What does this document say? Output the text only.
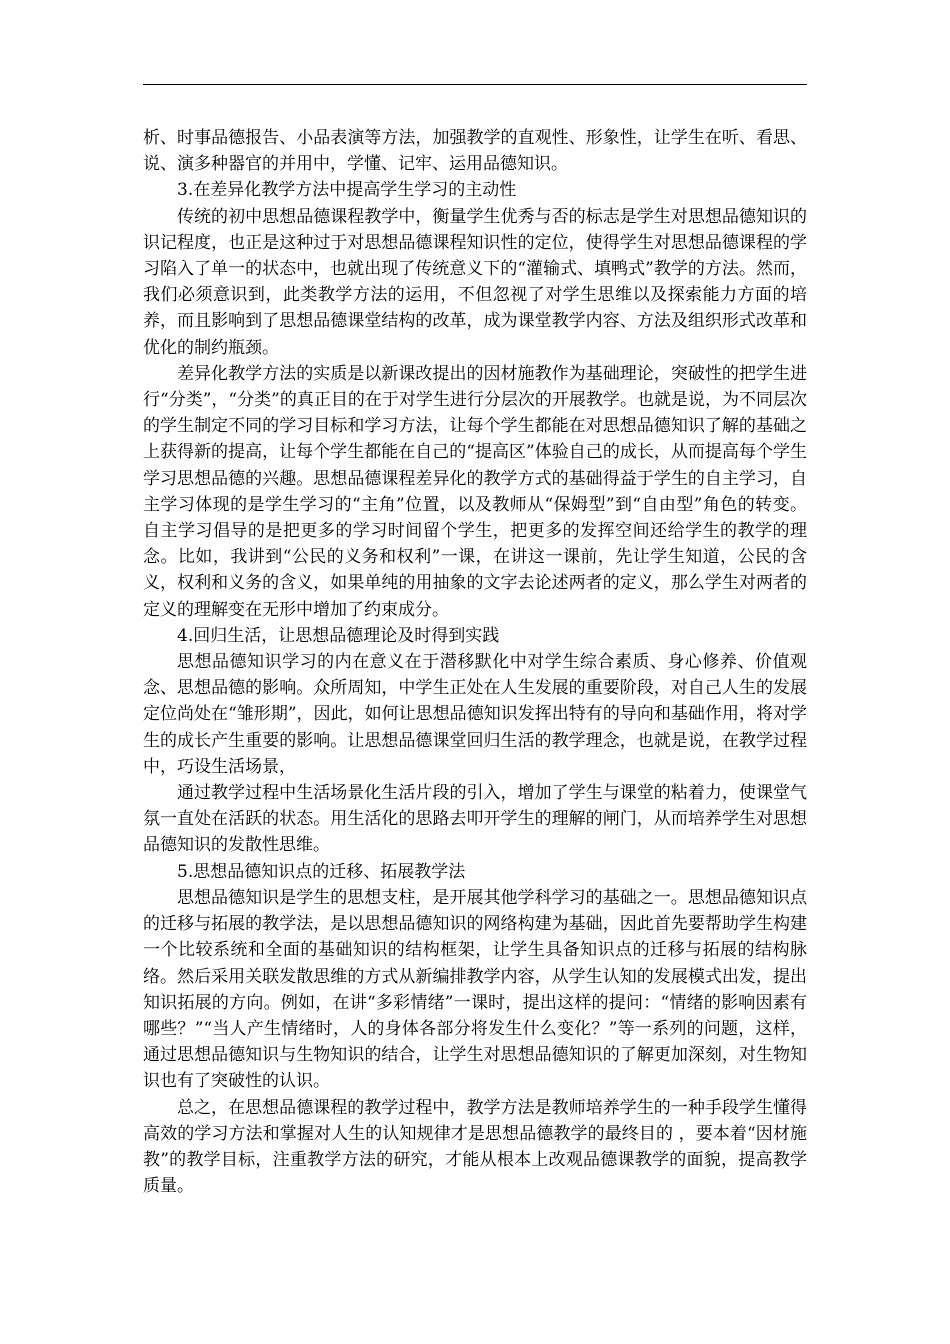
析、时事品德报告、小品表演等方法，加强教学的直观性、形象性，让学生在听、看思、说、演多种器官的并用中，学懂、记牢、运用品德知识。

3.在差异化教学方法中提高学生学习的主动性

传统的初中思想品德课程教学中，衡量学生优秀与否的标志是学生对思想品德知识的识记程度，也正是这种过于对思想品德课程知识性的定位，使得学生对思想品德课程的学习陷入了单一的状态中，也就出现了传统意义下的“灌输式、填鸭式”教学的方法。然而，我们必须意识到，此类教学方法的运用，不但忽视了对学生思维以及探索能力方面的培养，而且影响到了思想品德课堂结构的改革，成为课堂教学内容、方法及组织形式改革和优化的制约瓶颈。

差异化教学方法的实质是以新课改提出的因材施教作为基础理论，突破性的把学生进行“分类”，“分类”的真正目的在于对学生进行分层次的开展教学。也就是说，为不同层次的学生制定不同的学习目标和学习方法，让每个学生都能在对思想品德知识了解的基础之上获得新的提高，让每个学生都能在自己的“提高区”体验自己的成长，从而提高每个学生学习思想品德的兴趣。思想品德课程差异化的教学方式的基础得益于学生的自主学习，自主学习体现的是学生学习的“主角”位置，以及教师从“保姆型”到“自由型”角色的转变。自主学习倡导的是把更多的学习时间留个学生，把更多的发挥空间还给学生的教学的理念。比如，我讲到“公民的义务和权利”一课，在讲这一课前，先让学生知道，公民的含义，权利和义务的含义，如果单纯的用抽象的文字去论述两者的定义，那么学生对两者的定义的理解变在无形中增加了约束成分。

4.回归生活，让思想品德理论及时得到实践

思想品德知识学习的内在意义在于潜移默化中对学生综合素质、身心修养、价值观念、思想品德的影响。众所周知，中学生正处在人生发展的重要阶段，对自己人生的发展定位尚处在“雏形期”，因此，如何让思想品德知识发挥出特有的导向和基础作用，将对学生的成长产生重要的影响。让思想品德课堂回归生活的教学理念，也就是说，在教学过程中，巧设生活场景，

通过教学过程中生活场景化生活片段的引入，增加了学生与课堂的粘着力，使课堂气氛一直处在活跃的状态。用生活化的思路去叩开学生的理解的闸门，从而培养学生对思想品德知识的发散性思维。

5.思想品德知识点的迁移、拓展教学法

思想品德知识是学生的思想支柱，是开展其他学科学习的基础之一。思想品德知识点的迁移与拓展的教学法，是以思想品德知识的网络构建为基础，因此首先要帮助学生构建一个比较系统和全面的基础知识的结构框架，让学生具备知识点的迁移与拓展的结构脉络。然后采用关联发散思维的方式从新编排教学内容，从学生认知的发展模式出发，提出知识拓展的方向。例如，在讲“多彩情绪”一课时，提出这样的提问：“情绪的影响因素有哪些？”“当人产生情绪时，人的身体各部分将发生什么变化？”等一系列的问题，这样，通过思想品德知识与生物知识的结合，让学生对思想品德知识的了解更加深刻，对生物知识也有了突破性的认识。

总之，在思想品德课程的教学过程中，教学方法是教师培养学生的一种手段学生懂得高效的学习方法和掌握对人生的认知规律才是思想品德教学的最终目的 ，要本着“因材施教”的教学目标，注重教学方法的研究，才能从根本上改观品德课教学的面貌，提高教学质量。
